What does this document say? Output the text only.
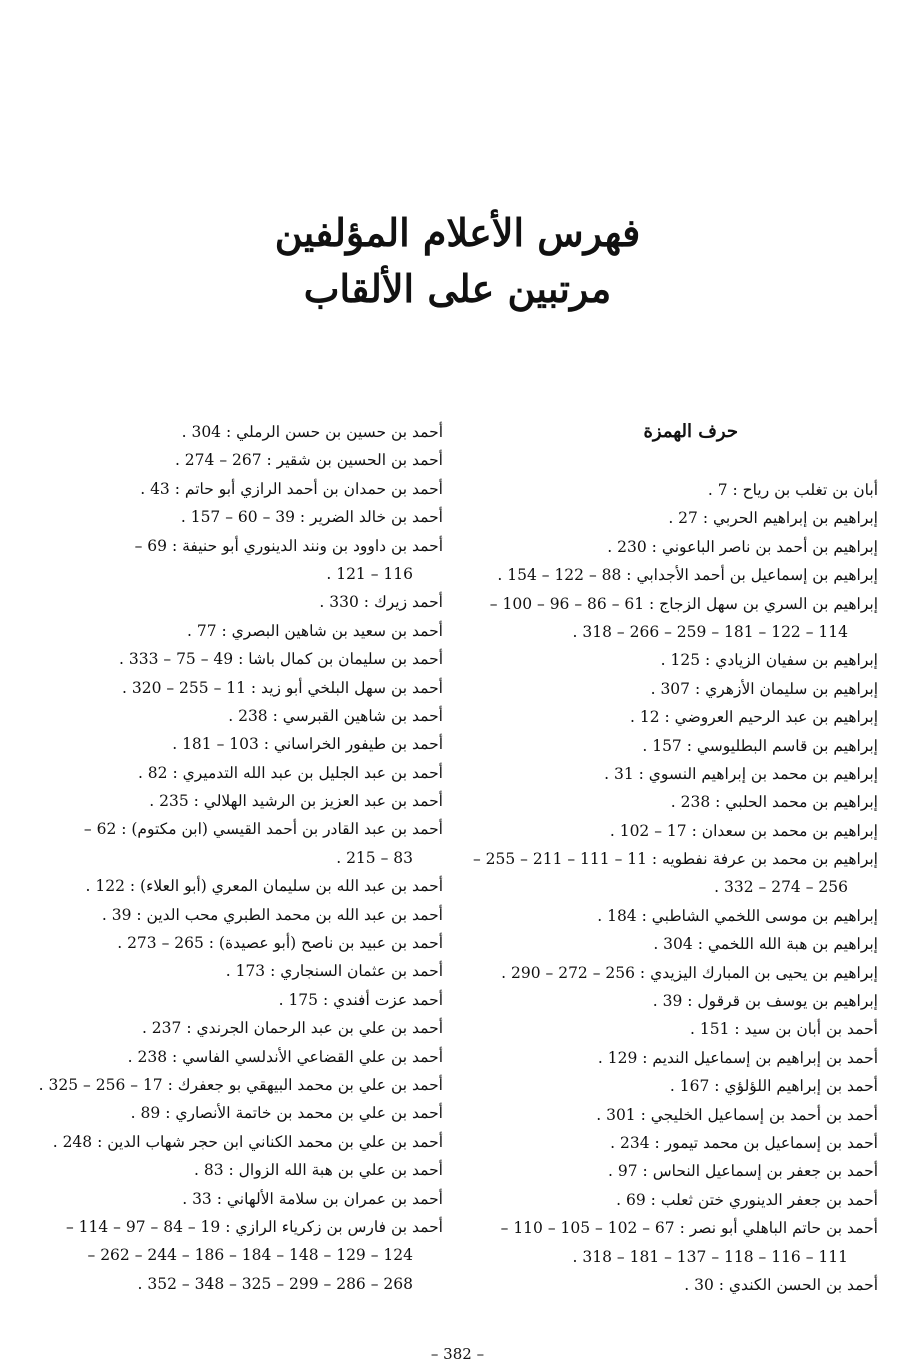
فهرس الأعلام المؤلفين

مرتبين على الألقاب

حرف الهمزة
أبان بن تغلب بن رياح : 7 .
إبراهيم بن إبراهيم الحربي : 27 .
إبراهيم بن أحمد بن ناصر الباعوني : 230 .
إبراهيم بن إسماعيل بن أحمد الأجدابي : 88 – 122 – 154 .
إبراهيم بن السري بن سهل الزجاج : 61 – 86 – 96 – 100 –
114 – 122 – 181 – 259 – 266 – 318 .
إبراهيم بن سفيان الزيادي : 125 .
إبراهيم بن سليمان الأزهري : 307 .
إبراهيم بن عبد الرحيم العروضي : 12 .
إبراهيم بن قاسم البطليوسي : 157 .
إبراهيم بن محمد بن إبراهيم النسوي : 31 .
إبراهيم بن محمد الحلبي : 238 .
إبراهيم بن محمد بن سعدان : 17 – 102 .
إبراهيم بن محمد بن عرفة نفطويه : 11 – 111 – 211 – 255 –
256 – 274 – 332 .
إبراهيم بن موسى اللخمي الشاطبي : 184 .
إبراهيم بن هبة الله اللخمي : 304 .
إبراهيم بن يحيى بن المبارك اليزيدي : 256 – 272 – 290 .
إبراهيم بن يوسف بن قرقول : 39 .
أحمد بن أبان بن سيد : 151 .
أحمد بن إبراهيم بن إسماعيل النديم : 129 .
أحمد بن إبراهيم اللؤلؤي : 167 .
أحمد بن أحمد بن إسماعيل الخليجي : 301 .
أحمد بن إسماعيل بن محمد تيمور : 234 .
أحمد بن جعفر بن إسماعيل النحاس : 97 .
أحمد بن جعفر الدينوري ختن ثعلب : 69 .
أحمد بن حاتم الباهلي أبو نصر : 67 – 102 – 105 – 110 –
111 – 116 – 118 – 137 – 181 – 318 .
أحمد بن الحسن الكندي : 30 .
أحمد بن حسين بن حسن الرملي : 304 .
أحمد بن الحسين بن شقير : 267 – 274 .
أحمد بن حمدان بن أحمد الرازي أبو حاتم : 43 .
أحمد بن خالد الضرير : 39 – 60 – 157 .
أحمد بن داوود بن ونند الدينوري أبو حنيفة : 69 –
116 – 121 .
أحمد زيرك : 330 .
أحمد بن سعيد بن شاهين البصري : 77 .
أحمد بن سليمان بن كمال باشا : 49 – 75 – 333 .
أحمد بن سهل البلخي أبو زيد : 11 – 255 – 320 .
أحمد بن شاهين القبرسي : 238 .
أحمد بن طيفور الخراساني : 103 – 181 .
أحمد بن عبد الجليل بن عبد الله التدميري : 82 .
أحمد بن عبد العزيز بن الرشيد الهلالي : 235 .
أحمد بن عبد القادر بن أحمد القيسي (ابن مكتوم) : 62 –
83 – 215 .
أحمد بن عبد الله بن سليمان المعري (أبو العلاء) : 122 .
أحمد بن عبد الله بن محمد الطبري محب الدين : 39 .
أحمد بن عبيد بن ناصح (أبو عصيدة) : 265 – 273 .
أحمد بن عثمان السنجاري : 173 .
أحمد عزت أفندي : 175 .
أحمد بن علي بن عبد الرحمان الجرندي : 237 .
أحمد بن علي القضاعي الأندلسي الفاسي : 238 .
أحمد بن علي بن محمد البيهقي بو جعفرك : 17 – 256 – 325 .
أحمد بن علي بن محمد بن خاتمة الأنصاري : 89 .
أحمد بن علي بن محمد الكناني ابن حجر شهاب الدين : 248 .
أحمد بن علي بن هبة الله الزوال : 83 .
أحمد بن عمران بن سلامة الألهاني : 33 .
أحمد بن فارس بن زكرياء الرازي : 19 – 84 – 97 – 114 –
124 – 129 – 148 – 184 – 186 – 244 – 262 –
268 – 286 – 299 – 325 – 348 – 352 .
– 382 –
